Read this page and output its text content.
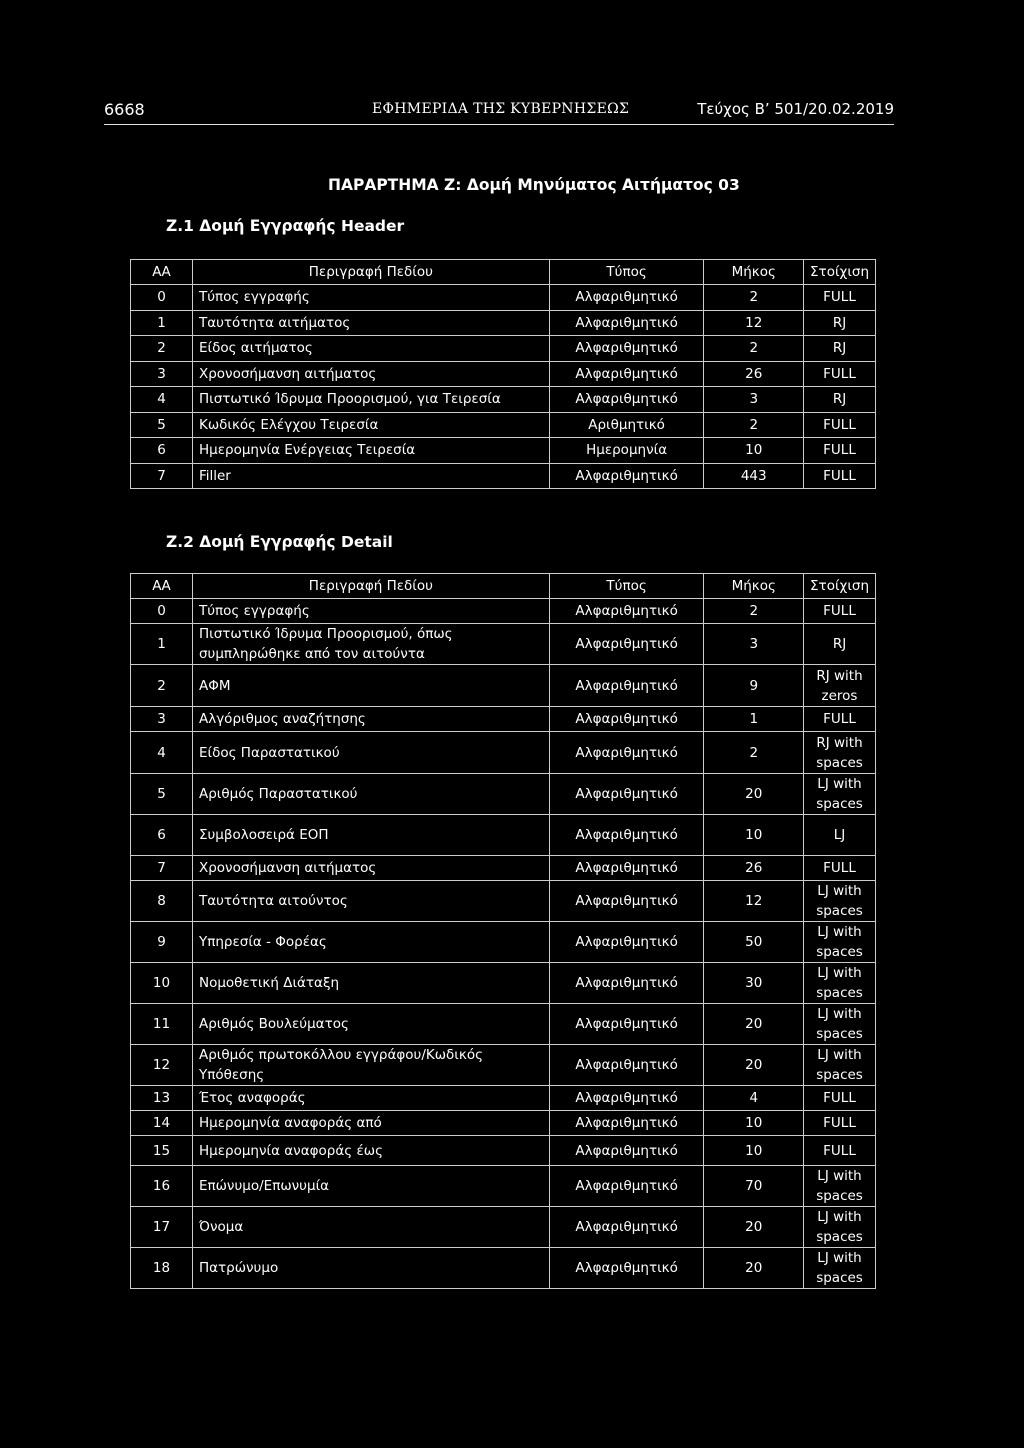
6668	ΕΦΗΜΕΡΙΔΑ ΤΗΣ ΚΥΒΕΡΝΗΣΕΩΣ	Τεύχος Β’ 501/20.02.2019
ΠΑΡΑΡΤΗΜΑ Ζ: Δομή Μηνύματος Αιτήματος 03
Ζ.1 Δομή Εγγραφής Header
ΑΑ	Περιγραφή Πεδίου	Τύπος	Μήκος	Στοίχιση
0	Τύπος εγγραφής	Αλφαριθμητικό	2	FULL
1	Ταυτότητα αιτήματος	Αλφαριθμητικό	12	RJ
2	Είδος αιτήματος	Αλφαριθμητικό	2	RJ
3	Χρονοσήμανση αιτήματος	Αλφαριθμητικό	26	FULL
4	Πιστωτικό Ίδρυμα Προορισμού, για Τειρεσία	Αλφαριθμητικό	3	RJ
5	Κωδικός Ελέγχου Τειρεσία	Αριθμητικό	2	FULL
6	Ημερομηνία Ενέργειας Τειρεσία	Ημερομηνία	10	FULL
7	Filler	Αλφαριθμητικό	443	FULL
Ζ.2 Δομή Εγγραφής Detail
ΑΑ	Περιγραφή Πεδίου	Τύπος	Μήκος	Στοίχιση
0	Τύπος εγγραφής	Αλφαριθμητικό	2	FULL
1	Πιστωτικό Ίδρυμα Προορισμού, όπως συμπληρώθηκε από τον αιτούντα	Αλφαριθμητικό	3	RJ
2	ΑΦΜ	Αλφαριθμητικό	9	RJ with zeros
3	Αλγόριθμος αναζήτησης	Αλφαριθμητικό	1	FULL
4	Είδος Παραστατικού	Αλφαριθμητικό	2	RJ with spaces
5	Αριθμός Παραστατικού	Αλφαριθμητικό	20	LJ with spaces
6	Συμβολοσειρά ΕΟΠ	Αλφαριθμητικό	10	LJ
7	Χρονοσήμανση αιτήματος	Αλφαριθμητικό	26	FULL
8	Ταυτότητα αιτούντος	Αλφαριθμητικό	12	LJ with spaces
9	Υπηρεσία - Φορέας	Αλφαριθμητικό	50	LJ with spaces
10	Νομοθετική Διάταξη	Αλφαριθμητικό	30	LJ with spaces
11	Αριθμός Βουλεύματος	Αλφαριθμητικό	20	LJ with spaces
12	Αριθμός πρωτοκόλλου εγγράφου/Κωδικός Υπόθεσης	Αλφαριθμητικό	20	LJ with spaces
13	Έτος αναφοράς	Αλφαριθμητικό	4	FULL
14	Ημερομηνία αναφοράς από	Αλφαριθμητικό	10	FULL
15	Ημερομηνία αναφοράς έως	Αλφαριθμητικό	10	FULL
16	Επώνυμο/Επωνυμία	Αλφαριθμητικό	70	LJ with spaces
17	Όνομα	Αλφαριθμητικό	20	LJ with spaces
18	Πατρώνυμο	Αλφαριθμητικό	20	LJ with spaces
